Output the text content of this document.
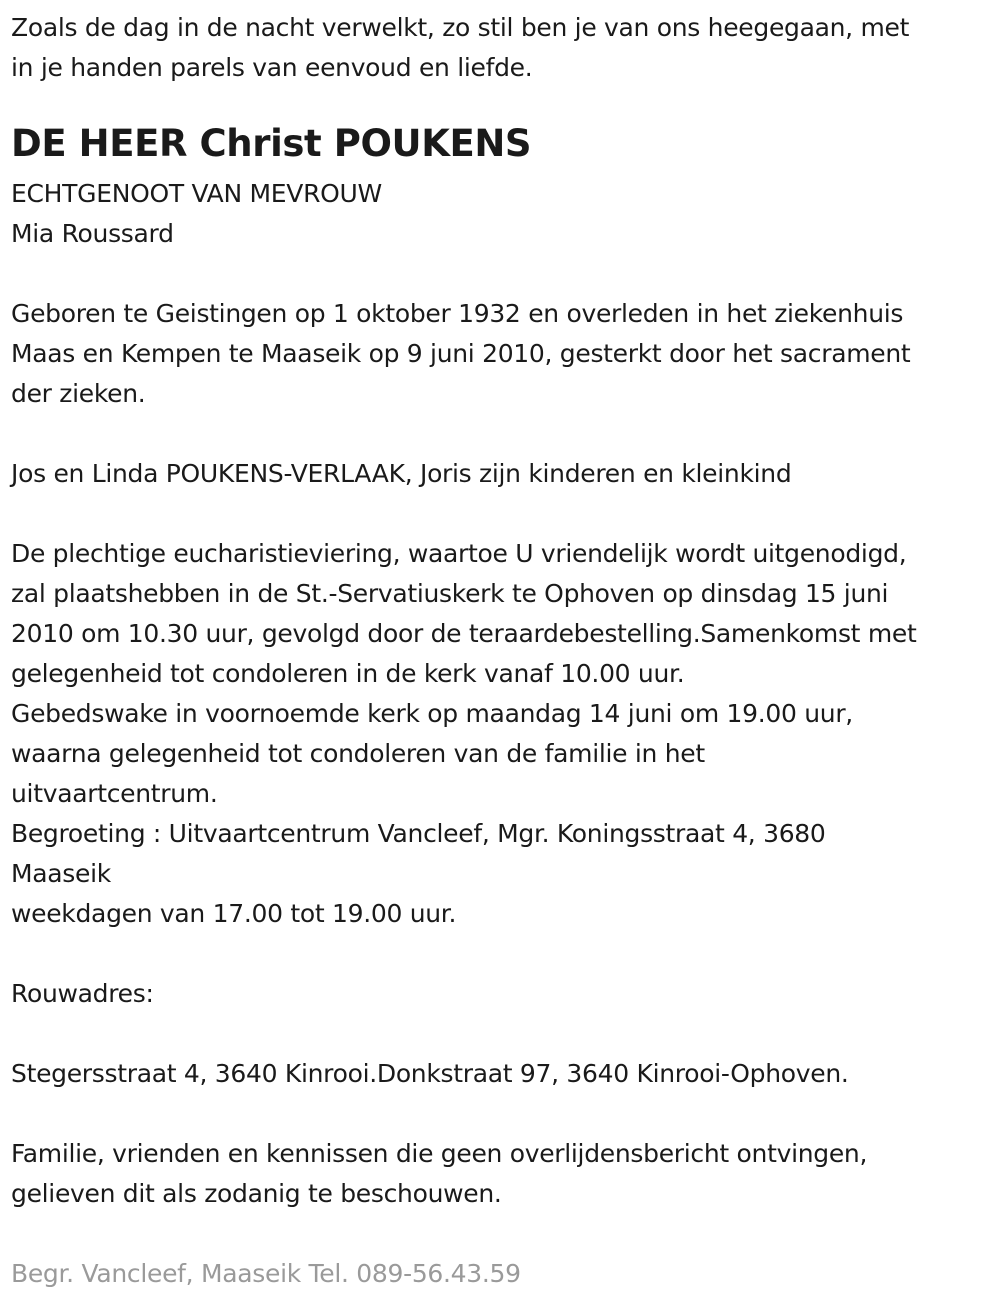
Zoals de dag in de nacht verwelkt, zo stil ben je van ons heegegaan, met
in je handen parels van eenvoud en liefde.
DE HEER Christ POUKENS
ECHTGENOOT VAN MEVROUW
Mia Roussard
Geboren te Geistingen op 1 oktober 1932 en overleden in het ziekenhuis
Maas en Kempen te Maaseik op 9 juni 2010, gesterkt door het sacrament
der zieken.
Jos en Linda POUKENS-VERLAAK, Joris zijn kinderen en kleinkind
De plechtige eucharistieviering, waartoe U vriendelijk wordt uitgenodigd,
zal plaatshebben in de St.-Servatiuskerk te Ophoven op dinsdag 15 juni
2010 om 10.30 uur, gevolgd door de teraardebestelling.Samenkomst met
gelegenheid tot condoleren in de kerk vanaf 10.00 uur.
Gebedswake in voornoemde kerk op maandag 14 juni om 19.00 uur,
waarna gelegenheid tot condoleren van de familie in het
uitvaartcentrum.
Begroeting : Uitvaartcentrum Vancleef, Mgr. Koningsstraat 4, 3680
Maaseik
weekdagen van 17.00 tot 19.00 uur.
Rouwadres:
Stegersstraat 4, 3640 Kinrooi.Donkstraat 97, 3640 Kinrooi-Ophoven.
Familie, vrienden en kennissen die geen overlijdensbericht ontvingen,
gelieven dit als zodanig te beschouwen.
Begr. Vancleef, Maaseik Tel. 089-56.43.59
